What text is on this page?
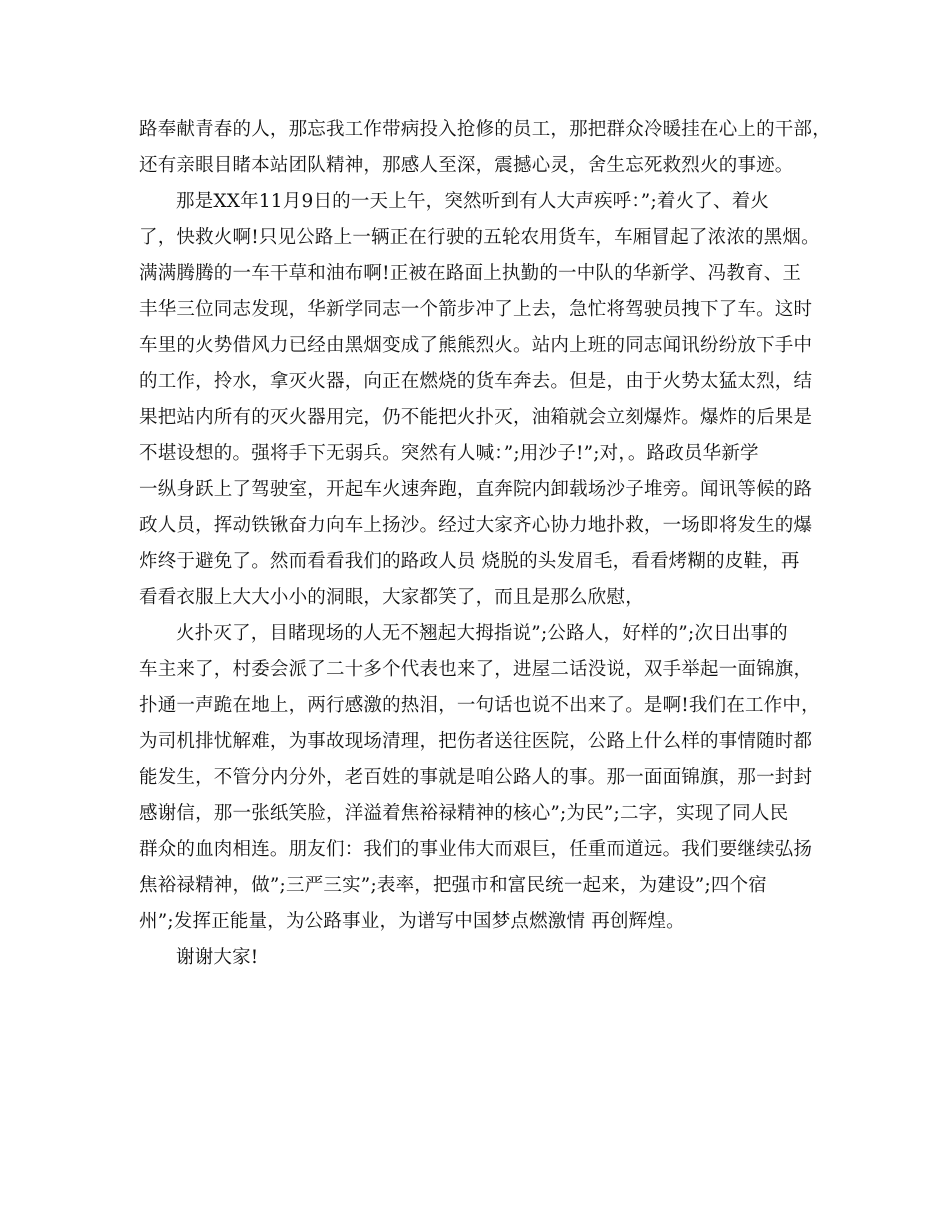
路奉献青春的人，那忘我工作带病投入抢修的员工，那把群众冷暖挂在心上的干部，
还有亲眼目睹本站团队精神，那感人至深，震撼心灵，舍生忘死救烈火的事迹。
那是XX年11月9日的一天上午，突然听到有人大声疾呼：”;着火了、着火
了，快救火啊!只见公路上一辆正在行驶的五轮农用货车，车厢冒起了浓浓的黑烟。
满满腾腾的一车干草和油布啊!正被在路面上执勤的一中队的华新学、冯教育、王
丰华三位同志发现，华新学同志一个箭步冲了上去，急忙将驾驶员拽下了车。这时
车里的火势借风力已经由黑烟变成了熊熊烈火。站内上班的同志闻讯纷纷放下手中
的工作，拎水，拿灭火器，向正在燃烧的货车奔去。但是，由于火势太猛太烈，结
果把站内所有的灭火器用完，仍不能把火扑灭，油箱就会立刻爆炸。爆炸的后果是
不堪设想的。强将手下无弱兵。突然有人喊：”;用沙子!”;对，。路政员华新学
一纵身跃上了驾驶室，开起车火速奔跑，直奔院内卸载场沙子堆旁。闻讯等候的路
政人员，挥动铁锹奋力向车上扬沙。经过大家齐心协力地扑救，一场即将发生的爆
炸终于避免了。然而看看我们的路政人员 烧脱的头发眉毛，看看烤糊的皮鞋，再
看看衣服上大大小小的洞眼，大家都笑了，而且是那么欣慰，
火扑灭了，目睹现场的人无不翘起大拇指说”;公路人，好样的”;次日出事的
车主来了，村委会派了二十多个代表也来了，进屋二话没说，双手举起一面锦旗，
扑通一声跪在地上，两行感激的热泪，一句话也说不出来了。是啊!我们在工作中，
为司机排忧解难，为事故现场清理，把伤者送往医院，公路上什么样的事情随时都
能发生，不管分内分外，老百姓的事就是咱公路人的事。那一面面锦旗，那一封封
感谢信，那一张纸笑脸，洋溢着焦裕禄精神的核心”;为民”;二字，实现了同人民
群众的血肉相连。朋友们：我们的事业伟大而艰巨，任重而道远。我们要继续弘扬
焦裕禄精神，做”;三严三实”;表率，把强市和富民统一起来，为建设”;四个宿
州”;发挥正能量，为公路事业，为谱写中国梦点燃激情 再创辉煌。
谢谢大家!
